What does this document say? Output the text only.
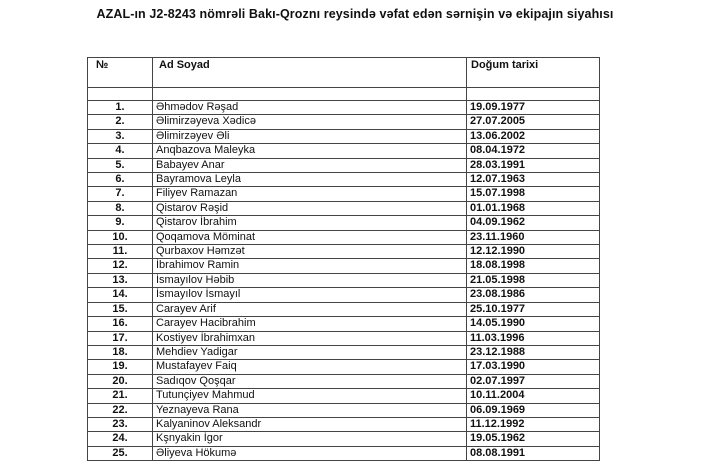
AZAL-ın J2-8243 nömrəli Bakı-Qroznı reysində vəfat edən sərnişin və ekipajın siyahısı
№	Ad Soyad	Doğum tarixi

1.	Əhmədov Rəşad	19.09.1977
2.	Əlimirzəyeva Xədicə	27.07.2005
3.	Əlimirzəyev Əli	13.06.2002
4.	Anqbazova Maleyka	08.04.1972
5.	Babayev Anar	28.03.1991
6.	Bayramova Leyla	12.07.1963
7.	Filiyev Ramazan	15.07.1998
8.	Qistarov Rəşid	01.01.1968
9.	Qistarov İbrahim	04.09.1962
10.	Qoqamova Möminat	23.11.1960
11.	Qurbaxov Həmzət	12.12.1990
12.	İbrahimov Ramin	18.08.1998
13.	İsmayılov Həbib	21.05.1998
14.	İsmayılov İsmayıl	23.08.1986
15.	Carayev Arif	25.10.1977
16.	Carayev Hacibrahim	14.05.1990
17.	Kostiyev İbrahimxan	11.03.1996
18.	Mehdiev Yadigar	23.12.1988
19.	Mustafayev Faiq	17.03.1990
20.	Sadıqov Qoşqar	02.07.1997
21.	Tutunçiyev Mahmud	10.11.2004
22.	Yeznayeva Rana	06.09.1969
23.	Kalyaninov Aleksandr	11.12.1992
24.	Kşnyakin İgor	19.05.1962
25.	Əliyeva Hökumə	08.08.1991
